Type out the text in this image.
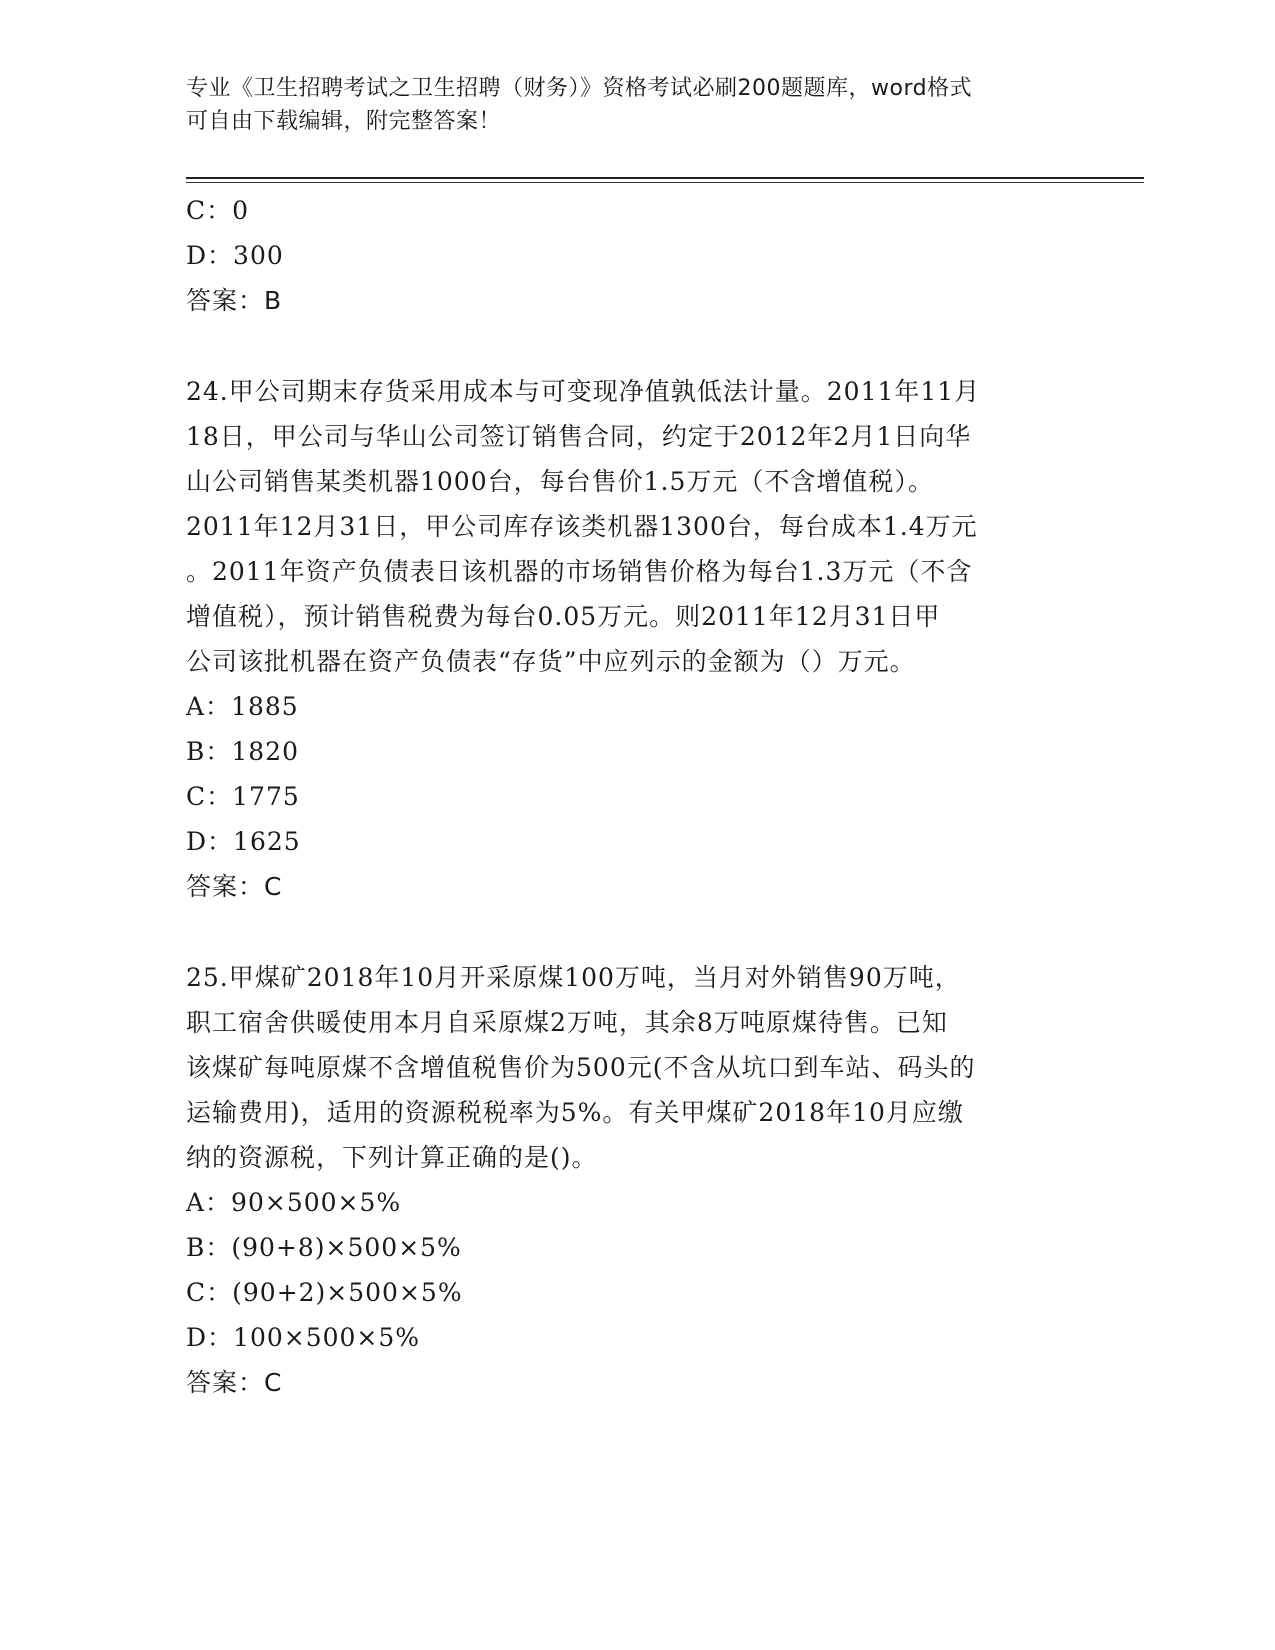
专业《卫生招聘考试之卫生招聘（财务）》资格考试必刷200题题库，word格式
可自由下载编辑，附完整答案！
C：0
D：300
答案：B
24.甲公司期末存货采用成本与可变现净值孰低法计量。2011年11月
18日，甲公司与华山公司签订销售合同，约定于2012年2月1日向华
山公司销售某类机器1000台，每台售价1.5万元（不含增值税）。
2011年12月31日，甲公司库存该类机器1300台，每台成本1.4万元
。2011年资产负债表日该机器的市场销售价格为每台1.3万元（不含
增值税），预计销售税费为每台0.05万元。则2011年12月31日甲
公司该批机器在资产负债表“存货”中应列示的金额为（）万元。
A：1885
B：1820
C：1775
D：1625
答案：C
25.甲煤矿2018年10月开采原煤100万吨，当月对外销售90万吨，
职工宿舍供暖使用本月自采原煤2万吨，其余8万吨原煤待售。已知
该煤矿每吨原煤不含增值税售价为500元(不含从坑口到车站、码头的
运输费用)，适用的资源税税率为5%。有关甲煤矿2018年10月应缴
纳的资源税，下列计算正确的是()。
A：90×500×5%
B：(90+8)×500×5%
C：(90+2)×500×5%
D：100×500×5%
答案：C
